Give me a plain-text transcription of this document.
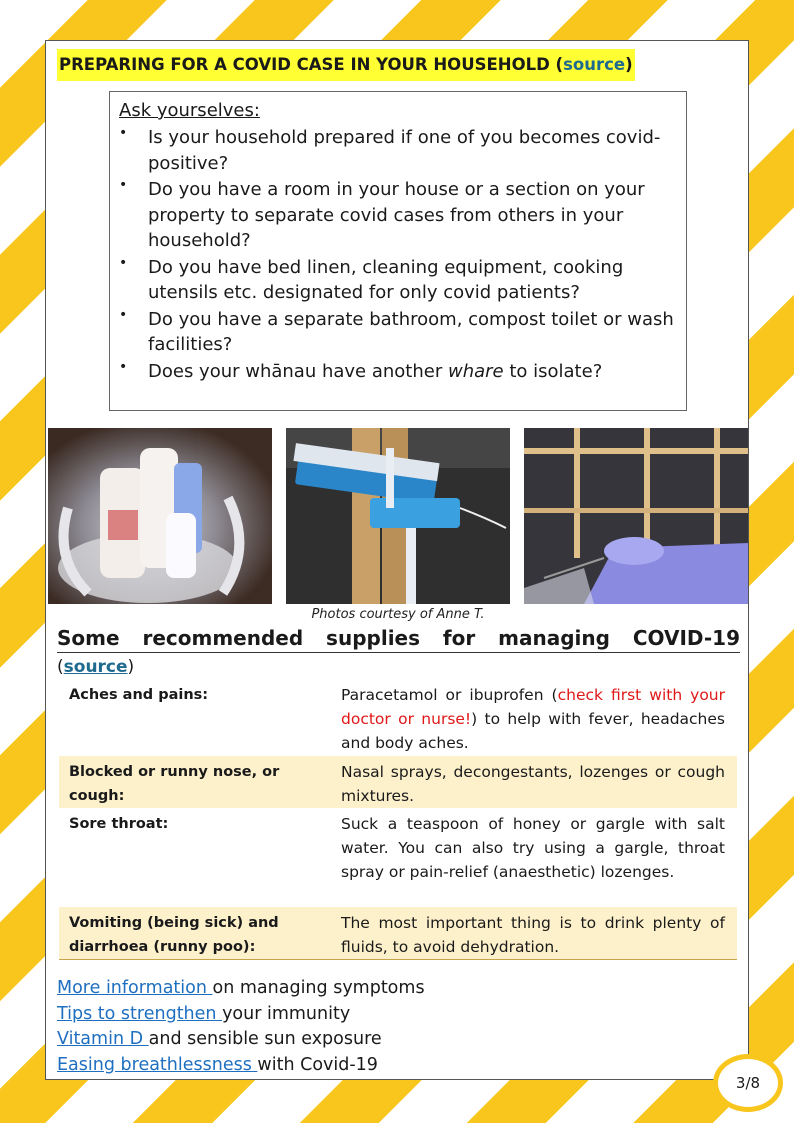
PREPARING FOR A COVID CASE IN YOUR HOUSEHOLD (source)
Ask yourselves:
• Is your household prepared if one of you becomes covid-positive?
• Do you have a room in your house or a section on your property to separate covid cases from others in your household?
• Do you have bed linen, cleaning equipment, cooking utensils etc. designated for only covid patients?
• Do you have a separate bathroom, compost toilet or wash facilities?
• Does your whānau have another whare to isolate?
Photos courtesy of Anne T.
Some recommended supplies for managing COVID-19
(source)
Aches and pains:	Paracetamol or ibuprofen (check first with your doctor or nurse!) to help with fever, headaches and body aches.
Blocked or runny nose, or cough:	Nasal sprays, decongestants, lozenges or cough mixtures.
Sore throat:	Suck a teaspoon of honey or gargle with salt water. You can also try using a gargle, throat spray or pain-relief (anaesthetic) lozenges.
Vomiting (being sick) and diarrhoea (runny poo):	The most important thing is to drink plenty of fluids, to avoid dehydration.
More information on managing symptoms
Tips to strengthen your immunity
Vitamin D and sensible sun exposure
Easing breathlessness with Covid-19
3/8
